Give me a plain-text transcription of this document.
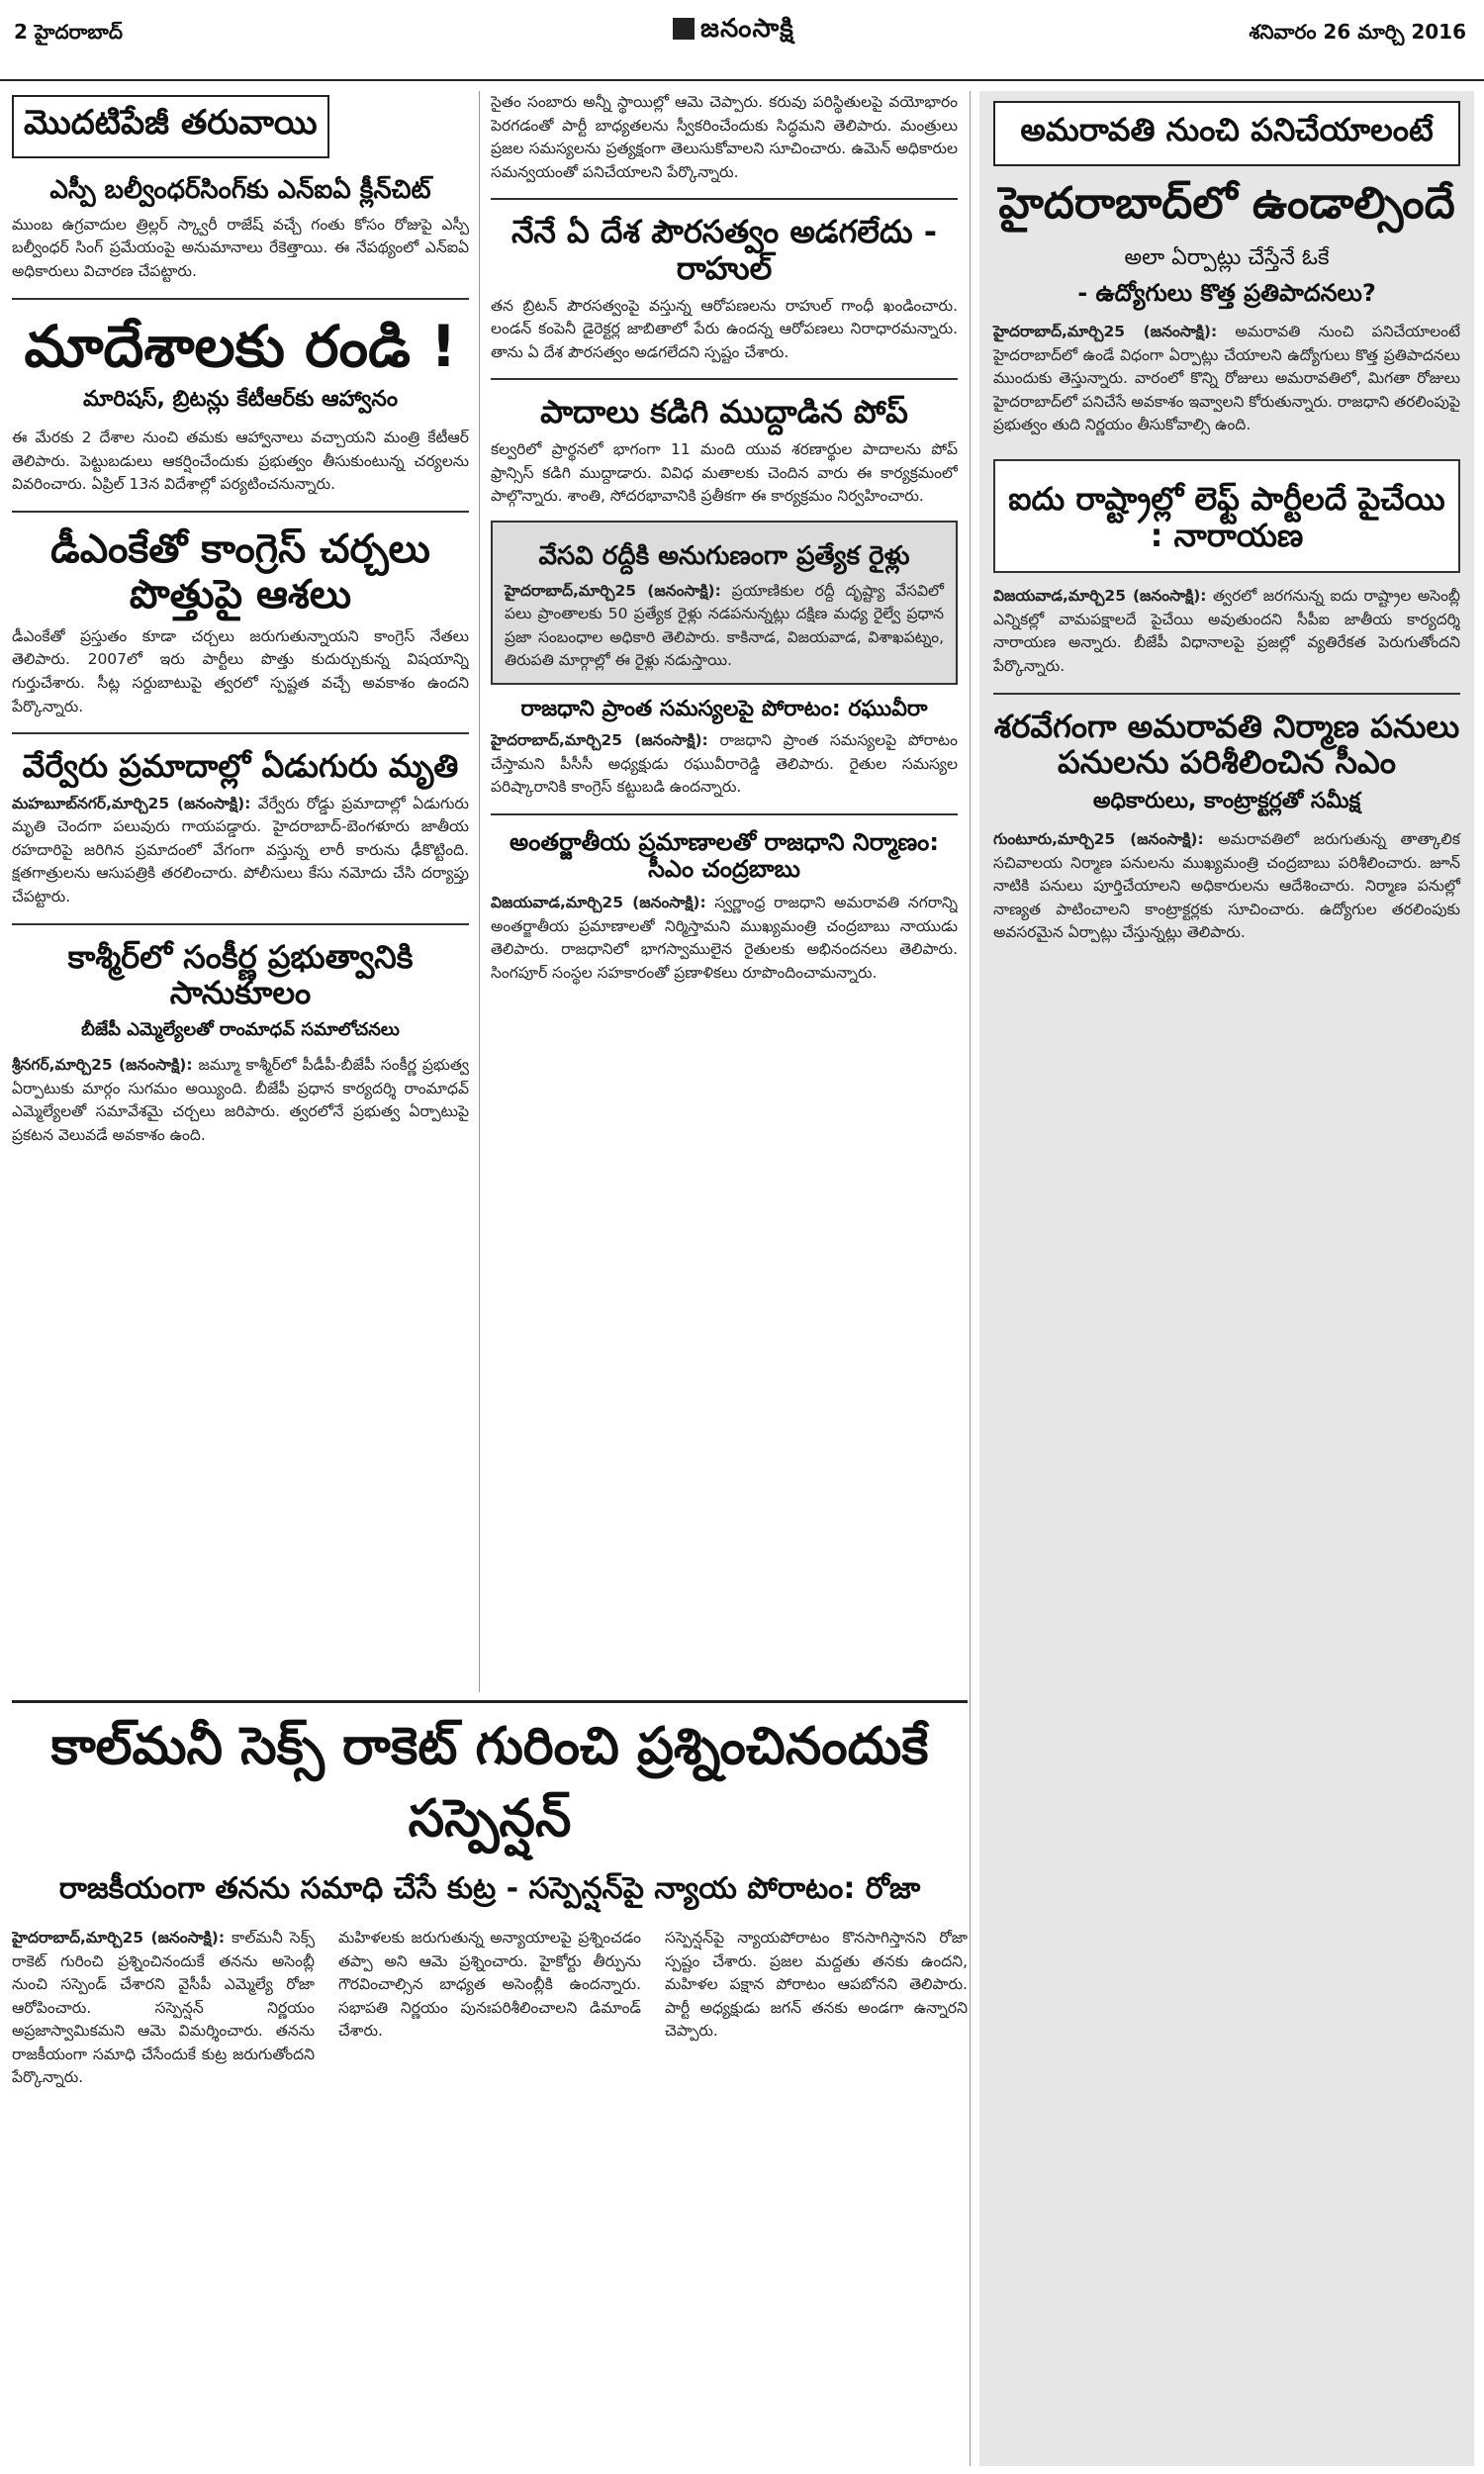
2 హైదరాబాద్	జనంసాక్షి	శనివారం 26 మార్చి 2016
మొదటిపేజీ తరువాయి
ఎస్పీ బల్వీంధర్‌సింగ్‌కు ఎన్‌ఐఏ క్లీన్‌చిట్‌
ముంబ ఉగ్రవాదుల త్రిల్లర్ స్క్వారీ రాజేష్ వచ్చే గంతు కోసం రోజుపై ఎస్పీ బల్వీంధర్ సింగ్ ప్రమేయంపై అనుమానాలు రేకెత్తాయి. ఈ నేపథ్యంలో ఎన్ఐఏ అధికారులు విచారణ చేపట్టారు.
మాదేశాలకు రండి !
మారిషస్‌, బ్రిటన్లు కేటీఆర్‌కు ఆహ్వానం
ఈ మేరకు 2 దేశాల నుంచి తమకు ఆహ్వానాలు వచ్చాయని మంత్రి కేటీఆర్ తెలిపారు. పెట్టుబడులు ఆకర్షించేందుకు ప్రభుత్వం తీసుకుంటున్న చర్యలను వివరించారు. ఏప్రిల్ 13న విదేశాల్లో పర్యటించనున్నారు.
డీఎంకేతో కాంగ్రెస్‌ చర్చలు పొత్తుపై ఆశలు
డీఎంకేతో ప్రస్తుతం కూడా చర్చలు జరుగుతున్నాయని కాంగ్రెస్ నేతలు తెలిపారు. 2007లో ఇరు పార్టీలు పొత్తు కుదుర్చుకున్న విషయాన్ని గుర్తుచేశారు. సీట్ల సర్దుబాటుపై త్వరలో స్పష్టత వచ్చే అవకాశం ఉందని పేర్కొన్నారు.
వేర్వేరు ప్రమాదాల్లో ఏడుగురు మృతి
మహబూబ్‌నగర్‌,మార్చి25 (జనంసాక్షి): వేర్వేరు రోడ్డు ప్రమాదాల్లో ఏడుగురు మృతి చెందగా పలువురు గాయపడ్డారు. హైదరాబాద్-బెంగళూరు జాతీయ రహదారిపై జరిగిన ప్రమాదంలో వేగంగా వస్తున్న లారీ కారును ఢీకొట్టింది. క్షతగాత్రులను ఆసుపత్రికి తరలించారు. పోలీసులు కేసు నమోదు చేసి దర్యాప్తు చేపట్టారు.
కాశ్మీర్‌లో సంకీర్ణ ప్రభుత్వానికి సానుకూలం
బీజేపీ ఎమ్మెల్యేలతో రాంమాధవ్‌ సమాలోచనలు
శ్రీనగర్‌,మార్చి25 (జనంసాక్షి): జమ్మూ కాశ్మీర్‌లో పీడీపీ-బీజేపీ సంకీర్ణ ప్రభుత్వ ఏర్పాటుకు మార్గం సుగమం అయ్యింది. బీజేపీ ప్రధాన కార్యదర్శి రాంమాధవ్ ఎమ్మెల్యేలతో సమావేశమై చర్చలు జరిపారు. త్వరలోనే ప్రభుత్వ ఏర్పాటుపై ప్రకటన వెలువడే అవకాశం ఉంది.
సైతం సంబారు అన్నీ స్థాయిల్లో ఆమె చెప్పారు. కరువు పరిస్థితులపై వయోభారం పెరగడంతో పార్టీ బాధ్యతలను స్వీకరించేందుకు సిద్ధమని తెలిపారు. మంత్రులు ప్రజల సమస్యలను ప్రత్యక్షంగా తెలుసుకోవాలని సూచించారు. ఉమెన్ అధికారుల సమన్వయంతో పనిచేయాలని పేర్కొన్నారు.
నేనే ఏ దేశ పౌరసత్వం అడగలేదు - రాహుల్‌
తన బ్రిటన్ పౌరసత్వంపై వస్తున్న ఆరోపణలను రాహుల్ గాంధీ ఖండించారు. లండన్ కంపెనీ డైరెక్టర్ల జాబితాలో పేరు ఉందన్న ఆరోపణలు నిరాధారమన్నారు. తాను ఏ దేశ పౌరసత్వం అడగలేదని స్పష్టం చేశారు.
పాదాలు కడిగి ముద్దాడిన పోప్‌
కల్వరిలో ప్రార్థనలో భాగంగా 11 మంది యువ శరణార్థుల పాదాలను పోప్ ఫ్రాన్సిస్ కడిగి ముద్దాడారు. వివిధ మతాలకు చెందిన వారు ఈ కార్యక్రమంలో పాల్గొన్నారు. శాంతి, సోదరభావానికి ప్రతీకగా ఈ కార్యక్రమం నిర్వహించారు.
వేసవి రద్దీకి అనుగుణంగా ప్రత్యేక రైళ్లు
హైదరాబాద్‌,మార్చి25 (జనంసాక్షి): ప్రయాణికుల రద్దీ దృష్ట్యా వేసవిలో పలు ప్రాంతాలకు 50 ప్రత్యేక రైళ్లు నడపనున్నట్లు దక్షిణ మధ్య రైల్వే ప్రధాన ప్రజా సంబంధాల అధికారి తెలిపారు. కాకినాడ, విజయవాడ, విశాఖపట్నం, తిరుపతి మార్గాల్లో ఈ రైళ్లు నడుస్తాయి.
రాజధాని ప్రాంత సమస్యలపై పోరాటం: రఘువీరా
హైదరాబాద్‌,మార్చి25 (జనంసాక్షి): రాజధాని ప్రాంత సమస్యలపై పోరాటం చేస్తామని పీసీసీ అధ్యక్షుడు రఘువీరారెడ్డి తెలిపారు. రైతుల సమస్యల పరిష్కారానికి కాంగ్రెస్ కట్టుబడి ఉందన్నారు.
అంతర్జాతీయ ప్రమాణాలతో రాజధాని నిర్మాణం: సీఎం చంద్రబాబు
విజయవాడ,మార్చి25 (జనంసాక్షి): స్వర్ణాంధ్ర రాజధాని అమరావతి నగరాన్ని అంతర్జాతీయ ప్రమాణాలతో నిర్మిస్తామని ముఖ్యమంత్రి చంద్రబాబు నాయుడు తెలిపారు. రాజధానిలో భాగస్వాములైన రైతులకు అభినందనలు తెలిపారు. సింగపూర్ సంస్థల సహకారంతో ప్రణాళికలు రూపొందించామన్నారు.
అమరావతి నుంచి పనిచేయాలంటే
హైదరాబాద్‌లో ఉండాల్సిందే
అలా ఏర్పాట్లు చేస్తేనే ఓకే
- ఉద్యోగులు కొత్త ప్రతిపాదనలు?
హైదరాబాద్‌,మార్చి25 (జనంసాక్షి): అమరావతి నుంచి పనిచేయాలంటే హైదరాబాద్‌లో ఉండే విధంగా ఏర్పాట్లు చేయాలని ఉద్యోగులు కొత్త ప్రతిపాదనలు ముందుకు తెస్తున్నారు. వారంలో కొన్ని రోజులు అమరావతిలో, మిగతా రోజులు హైదరాబాద్‌లో పనిచేసే అవకాశం ఇవ్వాలని కోరుతున్నారు. రాజధాని తరలింపుపై ప్రభుత్వం తుది నిర్ణయం తీసుకోవాల్సి ఉంది.
ఐదు రాష్ట్రాల్లో లెఫ్ట్‌ పార్టీలదే పైచేయి : నారాయణ
విజయవాడ,మార్చి25 (జనంసాక్షి): త్వరలో జరగనున్న ఐదు రాష్ట్రాల అసెంబ్లీ ఎన్నికల్లో వామపక్షాలదే పైచేయి అవుతుందని సీపీఐ జాతీయ కార్యదర్శి నారాయణ అన్నారు. బీజేపీ విధానాలపై ప్రజల్లో వ్యతిరేకత పెరుగుతోందని పేర్కొన్నారు.
శరవేగంగా అమరావతి నిర్మాణ పనులు పనులను పరిశీలించిన సీఎం
అధికారులు, కాంట్రాక్టర్లతో సమీక్ష
గుంటూరు,మార్చి25 (జనంసాక్షి): అమరావతిలో జరుగుతున్న తాత్కాలిక సచివాలయ నిర్మాణ పనులను ముఖ్యమంత్రి చంద్రబాబు పరిశీలించారు. జూన్ నాటికి పనులు పూర్తిచేయాలని అధికారులను ఆదేశించారు. నిర్మాణ పనుల్లో నాణ్యత పాటించాలని కాంట్రాక్టర్లకు సూచించారు. ఉద్యోగుల తరలింపుకు అవసరమైన ఏర్పాట్లు చేస్తున్నట్లు తెలిపారు.
కాల్‌మనీ సెక్స్‌ రాకెట్‌ గురించి ప్రశ్నించినందుకే సస్పెన్షన్‌
రాజకీయంగా తనను సమాధి చేసే కుట్ర - సస్పెన్షన్‌పై న్యాయ పోరాటం: రోజా
హైదరాబాద్‌,మార్చి25 (జనంసాక్షి): కాల్‌మనీ సెక్స్ రాకెట్ గురించి ప్రశ్నించినందుకే తనను అసెంబ్లీ నుంచి సస్పెండ్ చేశారని వైసీపీ ఎమ్మెల్యే రోజా ఆరోపించారు. సస్పెన్షన్ నిర్ణయం అప్రజాస్వామికమని ఆమె విమర్శించారు. తనను రాజకీయంగా సమాధి చేసేందుకే కుట్ర జరుగుతోందని పేర్కొన్నారు.
మహిళలకు జరుగుతున్న అన్యాయాలపై ప్రశ్నించడం తప్పా అని ఆమె ప్రశ్నించారు. హైకోర్టు తీర్పును గౌరవించాల్సిన బాధ్యత అసెంబ్లీకి ఉందన్నారు. సభాపతి నిర్ణయం పునఃపరిశీలించాలని డిమాండ్ చేశారు.
సస్పెన్షన్‌పై న్యాయపోరాటం కొనసాగిస్తానని రోజా స్పష్టం చేశారు. ప్రజల మద్దతు తనకు ఉందని, మహిళల పక్షాన పోరాటం ఆపబోనని తెలిపారు. పార్టీ అధ్యక్షుడు జగన్ తనకు అండగా ఉన్నారని చెప్పారు.
